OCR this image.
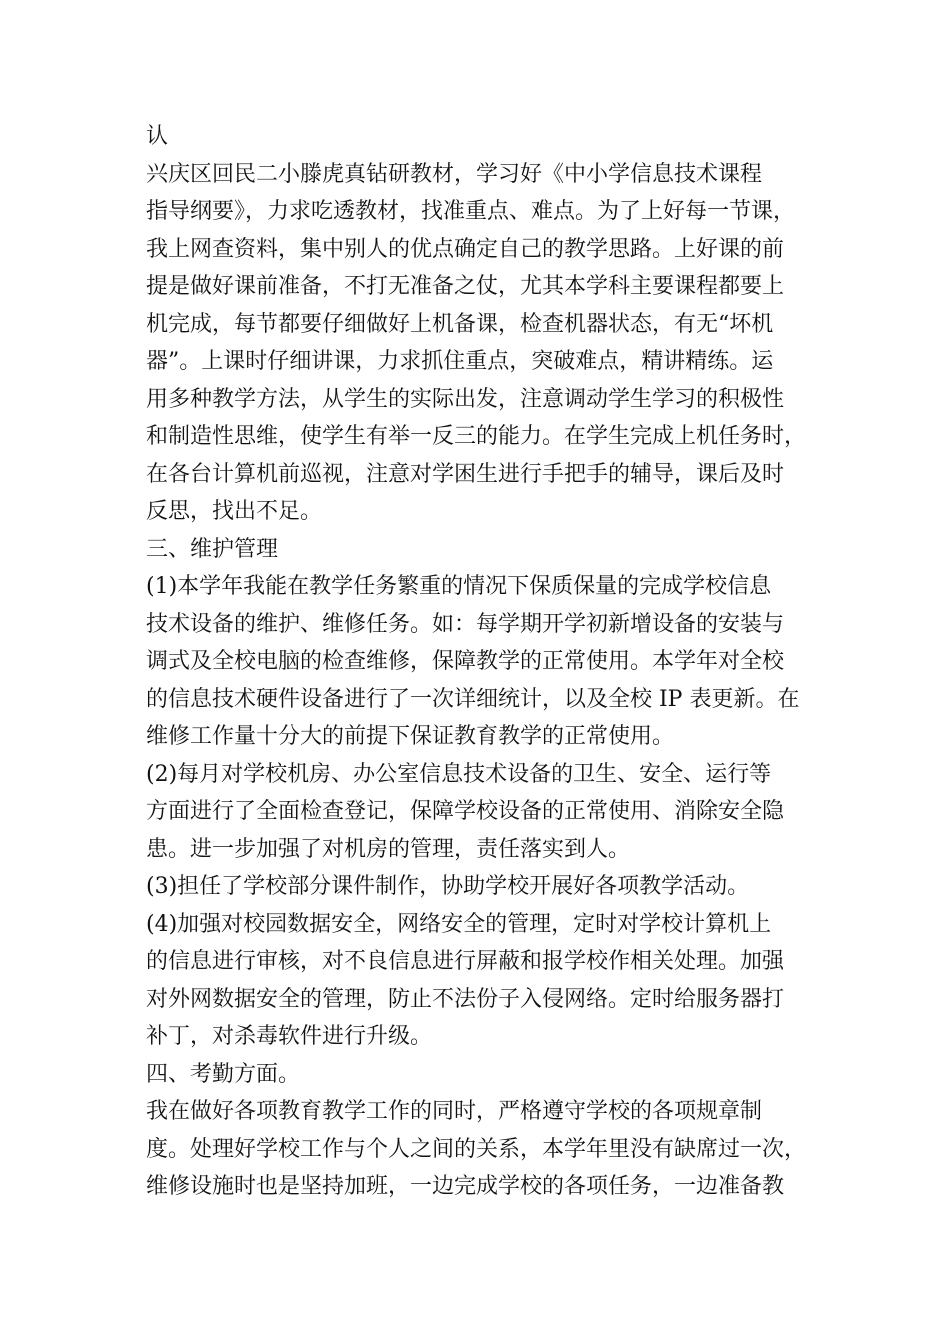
认
兴庆区回民二小滕虎真钻研教材，学习好《中小学信息技术课程
指导纲要》，力求吃透教材，找准重点、难点。为了上好每一节课，
我上网查资料，集中别人的优点确定自己的教学思路。上好课的前
提是做好课前准备，不打无准备之仗，尤其本学科主要课程都要上
机完成，每节都要仔细做好上机备课，检查机器状态，有无“坏机
器”。上课时仔细讲课，力求抓住重点，突破难点，精讲精练。运
用多种教学方法，从学生的实际出发，注意调动学生学习的积极性
和制造性思维，使学生有举一反三的能力。在学生完成上机任务时，
在各台计算机前巡视，注意对学困生进行手把手的辅导，课后及时
反思，找出不足。
三、维护管理
(1)本学年我能在教学任务繁重的情况下保质保量的完成学校信息
技术设备的维护、维修任务。如：每学期开学初新增设备的安装与
调式及全校电脑的检查维修，保障教学的正常使用。本学年对全校
的信息技术硬件设备进行了一次详细统计，以及全校 IP 表更新。在
维修工作量十分大的前提下保证教育教学的正常使用。
(2)每月对学校机房、办公室信息技术设备的卫生、安全、运行等
方面进行了全面检查登记，保障学校设备的正常使用、消除安全隐
患。进一步加强了对机房的管理，责任落实到人。
(3)担任了学校部分课件制作，协助学校开展好各项教学活动。
(4)加强对校园数据安全，网络安全的管理，定时对学校计算机上
的信息进行审核，对不良信息进行屏蔽和报学校作相关处理。加强
对外网数据安全的管理，防止不法份子入侵网络。定时给服务器打
补丁，对杀毒软件进行升级。
四、考勤方面。
我在做好各项教育教学工作的同时，严格遵守学校的各项规章制
度。处理好学校工作与个人之间的关系，本学年里没有缺席过一次，
维修设施时也是坚持加班，一边完成学校的各项任务，一边准备教
